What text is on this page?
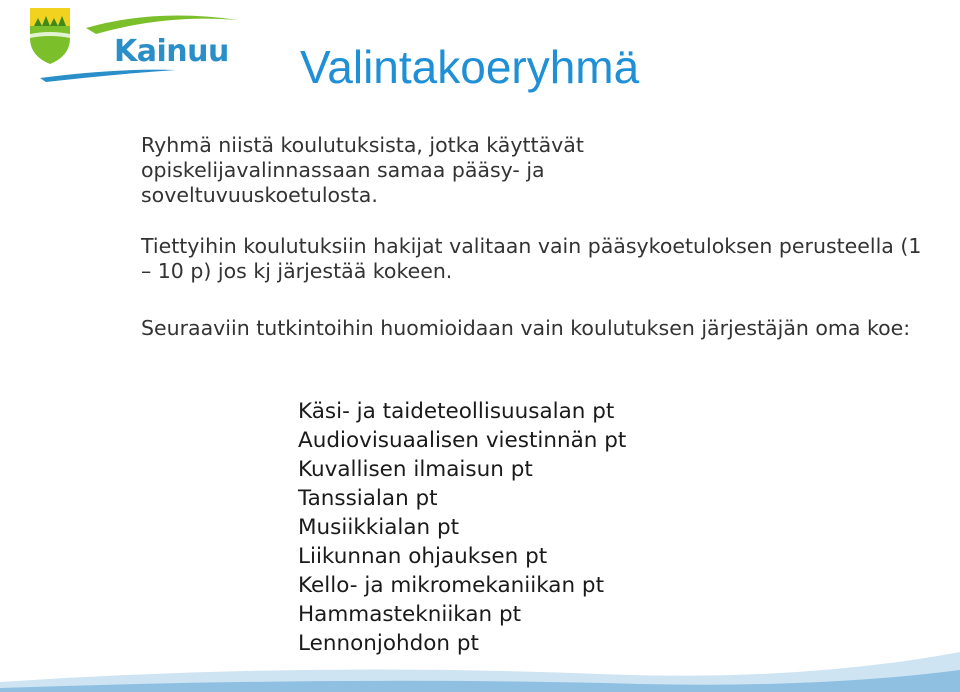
Kainuu Valintakoeryhmä

Ryhmä niistä koulutuksista, jotka käyttävät opiskelijavalinnassaan samaa pääsy- ja soveltuvuuskoetulosta.

Tiettyihin koulutuksiin hakijat valitaan vain pääsykoetuloksen perusteella (1 – 10 p) jos kj järjestää kokeen.

Seuraaviin tutkintoihin huomioidaan vain koulutuksen järjestäjän oma koe:

Käsi- ja taideteollisuusalan pt
Audiovisuaalisen viestinnän pt
Kuvallisen ilmaisun pt
Tanssialan pt
Musiikkialan pt
Liikunnan ohjauksen pt
Kello- ja mikromekaniikan pt
Hammastekniikan pt
Lennonjohdon pt
